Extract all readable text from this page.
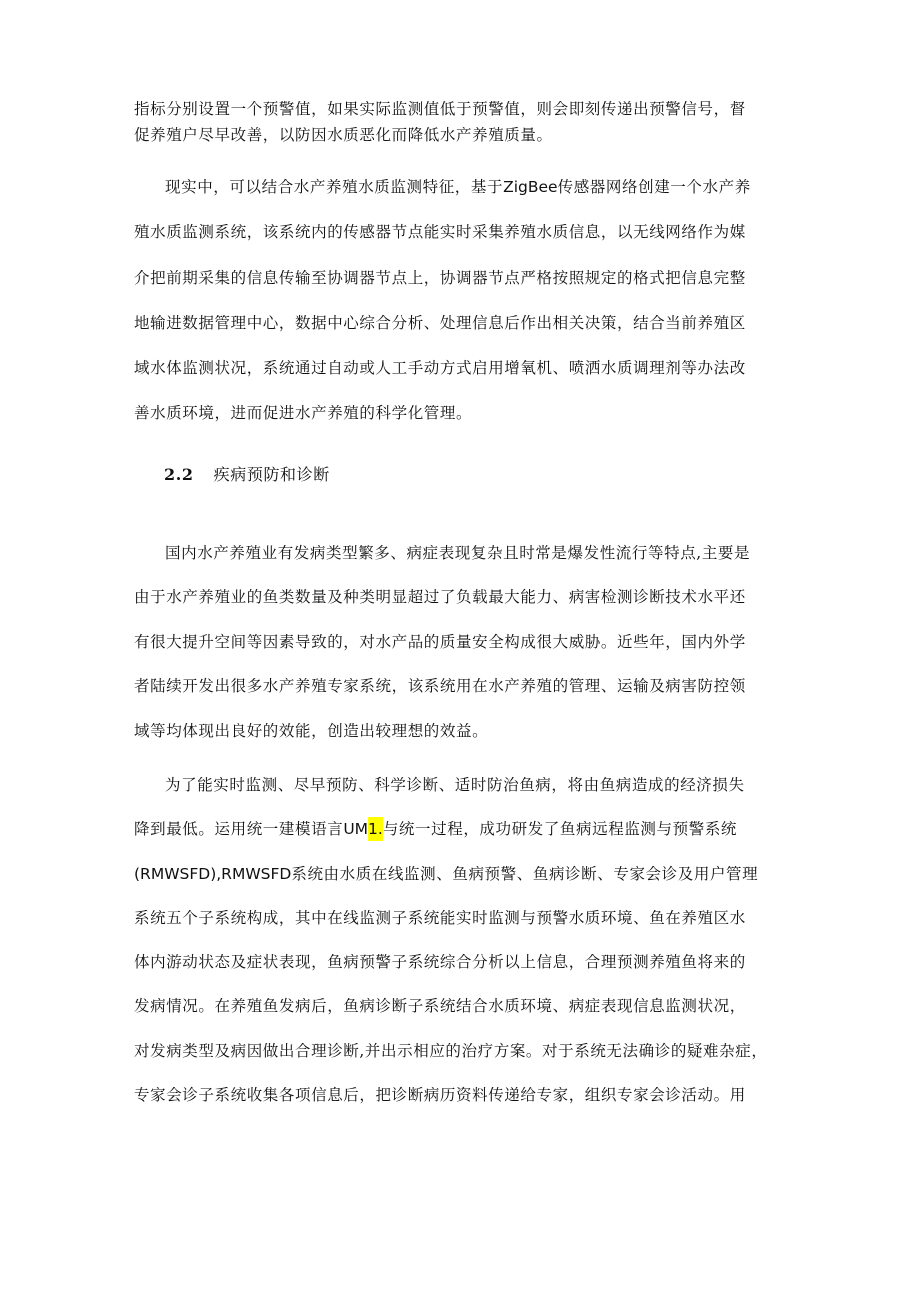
指标分别设置一个预警值，如果实际监测值低于预警值，则会即刻传递出预警信号，督
促养殖户尽早改善，以防因水质恶化而降低水产养殖质量。
现实中，可以结合水产养殖水质监测特征，基于ZigBee传感器网络创建一个水产养
殖水质监测系统，该系统内的传感器节点能实时采集养殖水质信息，以无线网络作为媒
介把前期采集的信息传输至协调器节点上，协调器节点严格按照规定的格式把信息完整
地输进数据管理中心，数据中心综合分析、处理信息后作出相关决策，结合当前养殖区
域水体监测状况，系统通过自动或人工手动方式启用增氧机、喷洒水质调理剂等办法改
善水质环境，进而促进水产养殖的科学化管理。
2.2 疾病预防和诊断
国内水产养殖业有发病类型繁多、病症表现复杂且时常是爆发性流行等特点,主要是
由于水产养殖业的鱼类数量及种类明显超过了负载最大能力、病害检测诊断技术水平还
有很大提升空间等因素导致的，对水产品的质量安全构成很大威胁。近些年，国内外学
者陆续开发出很多水产养殖专家系统，该系统用在水产养殖的管理、运输及病害防控领
域等均体现出良好的效能，创造出较理想的效益。
为了能实时监测、尽早预防、科学诊断、适时防治鱼病，将由鱼病造成的经济损失
降到最低。运用统一建模语言UM1.与统一过程，成功研发了鱼病远程监测与预警系统
(RMWSFD),RMWSFD系统由水质在线监测、鱼病预警、鱼病诊断、专家会诊及用户管理
系统五个子系统构成，其中在线监测子系统能实时监测与预警水质环境、鱼在养殖区水
体内游动状态及症状表现，鱼病预警子系统综合分析以上信息，合理预测养殖鱼将来的
发病情况。在养殖鱼发病后，鱼病诊断子系统结合水质环境、病症表现信息监测状况，
对发病类型及病因做出合理诊断,并出示相应的治疗方案。对于系统无法确诊的疑难杂症，
专家会诊子系统收集各项信息后，把诊断病历资料传递给专家，组织专家会诊活动。用
